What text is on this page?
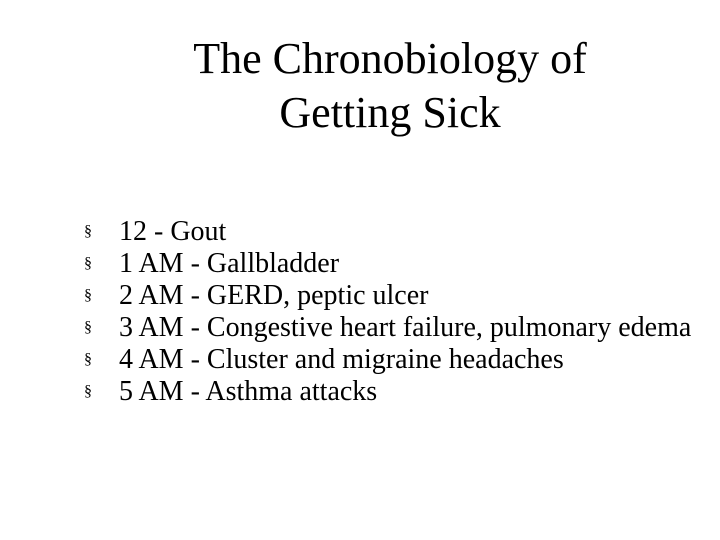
The Chronobiology of
Getting Sick
§ 12 - Gout
§ 1 AM - Gallbladder
§ 2 AM - GERD, peptic ulcer
§ 3 AM - Congestive heart failure, pulmonary edema
§ 4 AM - Cluster and migraine headaches
§ 5 AM - Asthma attacks
